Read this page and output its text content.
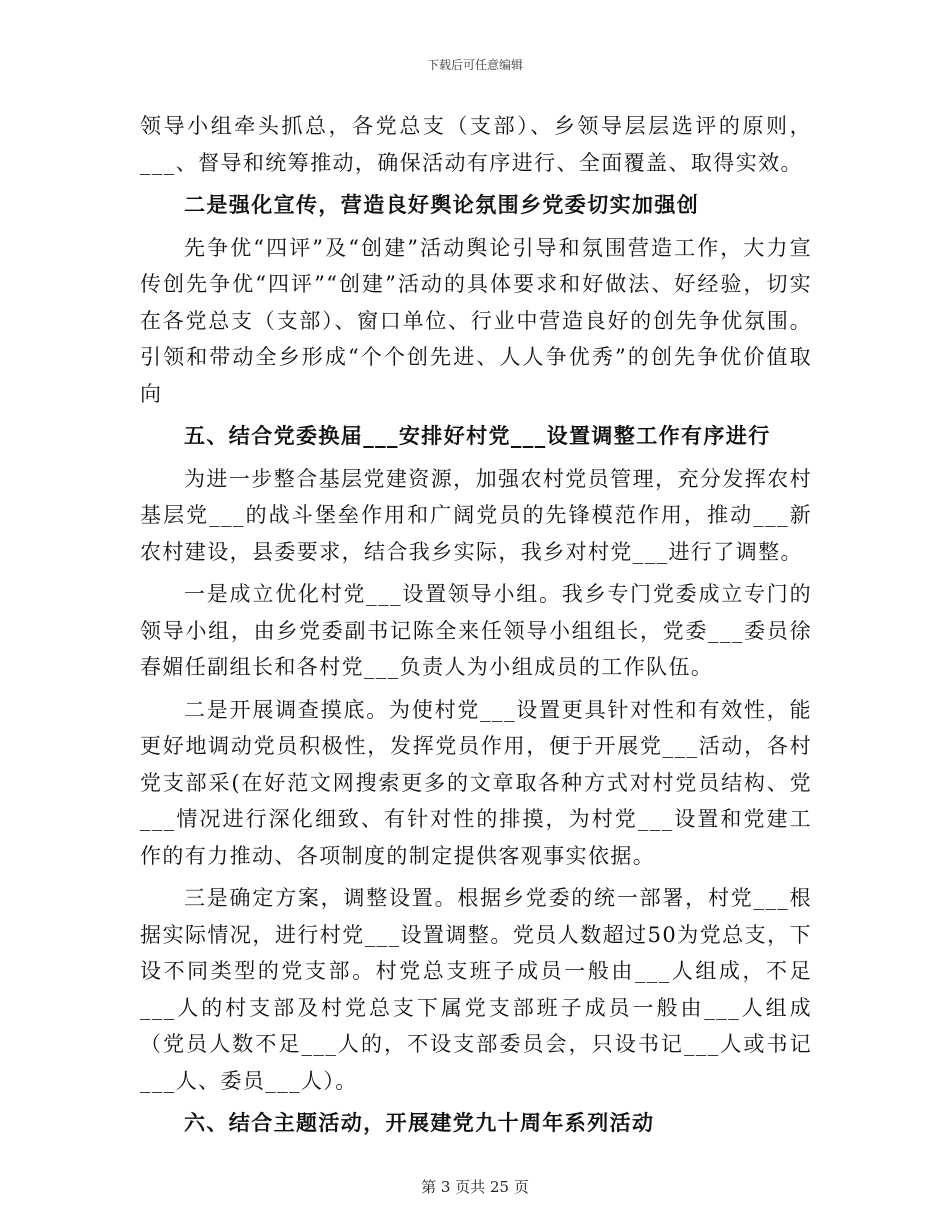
下载后可任意编辑

领导小组牵头抓总，各党总支（支部）、乡领导层层选评的原则，___、督导和统筹推动，确保活动有序进行、全面覆盖、取得实效。

二是强化宣传，营造良好舆论氛围乡党委切实加强创

先争优“四评”及“创建”活动舆论引导和氛围营造工作，大力宣传创先争优“四评”“创建”活动的具体要求和好做法、好经验，切实在各党总支（支部）、窗口单位、行业中营造良好的创先争优氛围。引领和带动全乡形成“个个创先进、人人争优秀”的创先争优价值取向

五、结合党委换届___安排好村党___设置调整工作有序进行

为进一步整合基层党建资源，加强农村党员管理，充分发挥农村基层党___的战斗堡垒作用和广阔党员的先锋模范作用，推动___新农村建设，县委要求，结合我乡实际，我乡对村党___进行了调整。

一是成立优化村党___设置领导小组。我乡专门党委成立专门的领导小组，由乡党委副书记陈全来任领导小组组长，党委___委员徐春媚任副组长和各村党___负责人为小组成员的工作队伍。

二是开展调查摸底。为使村党___设置更具针对性和有效性，能更好地调动党员积极性，发挥党员作用，便于开展党___活动，各村党支部采(在好范文网搜索更多的文章取各种方式对村党员结构、党___情况进行深化细致、有针对性的排摸，为村党___设置和党建工作的有力推动、各项制度的制定提供客观事实依据。

三是确定方案，调整设置。根据乡党委的统一部署，村党___根据实际情况，进行村党___设置调整。党员人数超过50为党总支，下设不同类型的党支部。村党总支班子成员一般由___人组成，不足___人的村支部及村党总支下属党支部班子成员一般由___人组成（党员人数不足___人的，不设支部委员会，只设书记___人或书记___人、委员___人）。

六、结合主题活动，开展建党九十周年系列活动

第 3 页共 25 页
